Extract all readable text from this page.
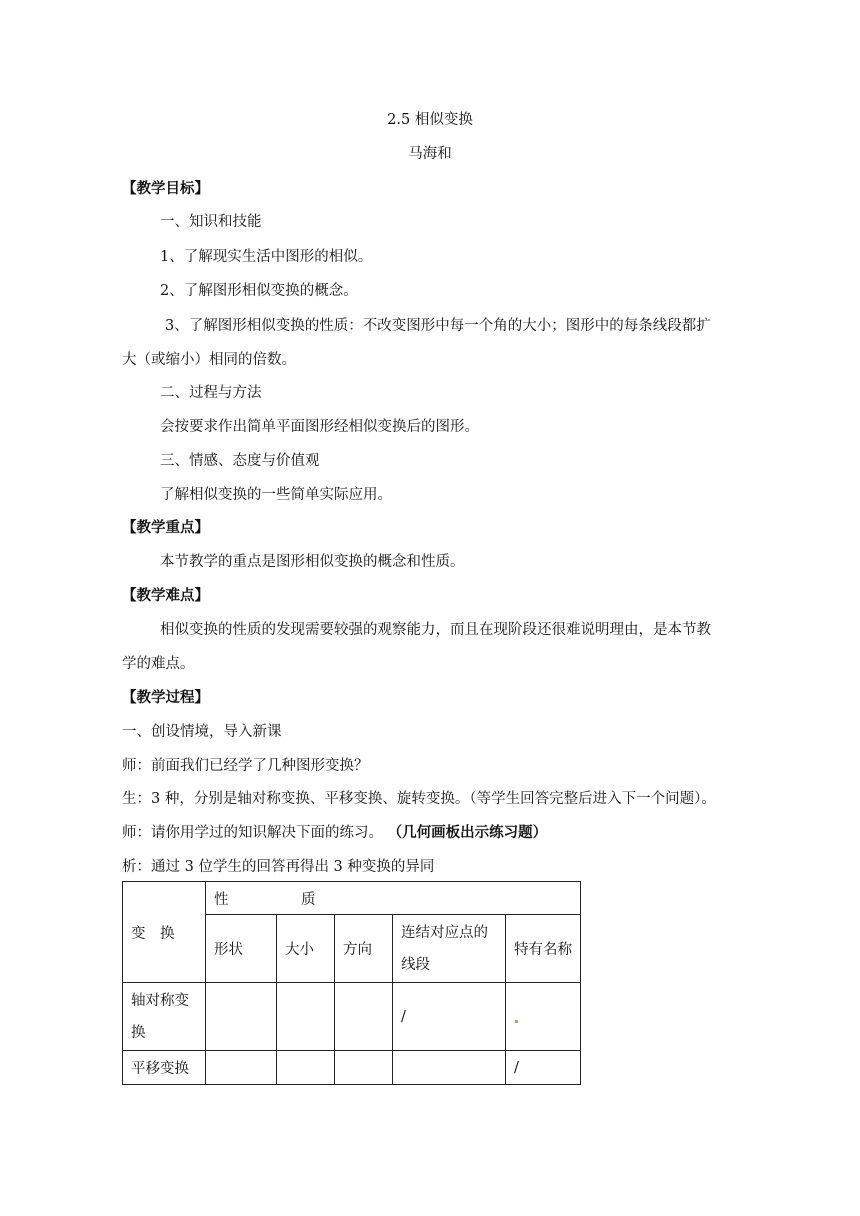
2.5 相似变换
马海和
【教学目标】
一、知识和技能
1、了解现实生活中图形的相似。
2、了解图形相似变换的概念。
3、了解图形相似变换的性质：不改变图形中每一个角的大小；图形中的每条线段都扩
大（或缩小）相同的倍数。
二、过程与方法
会按要求作出简单平面图形经相似变换后的图形。
三、情感、态度与价值观
了解相似变换的一些简单实际应用。
【教学重点】
本节教学的重点是图形相似变换的概念和性质。
【教学难点】
相似变换的性质的发现需要较强的观察能力，而且在现阶段还很难说明理由，是本节教
学的难点。
【教学过程】
一、创设情境，导入新课
师：前面我们已经学了几种图形变换？
生：3 种，分别是轴对称变换、平移变换、旋转变换。（等学生回答完整后进入下一个问题）。
师：请你用学过的知识解决下面的练习。 （几何画板出示练习题）
析：通过 3 位学生的回答再得出 3 种变换的异同
变　换	性　　　　　质				
	形状	大小	方向	连结对应点的线段	特有名称
轴对称变换				/	
平移变换					/
